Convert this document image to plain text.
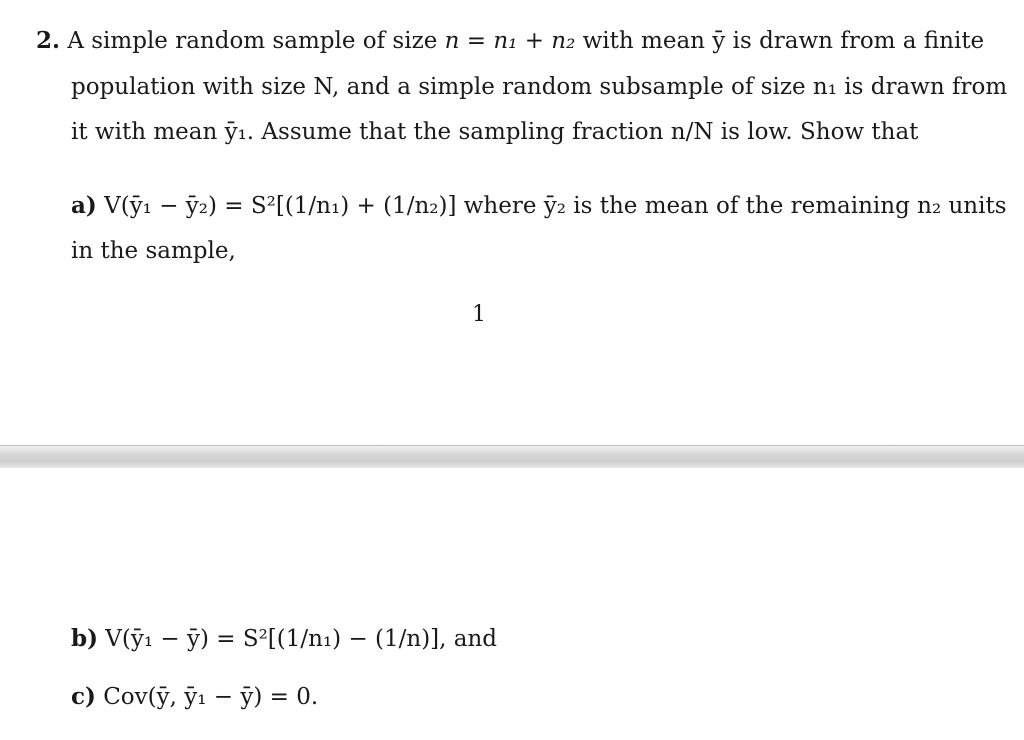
2. A simple random sample of size n = n₁ + n₂ with mean ȳ is drawn from a finite
population with size N, and a simple random subsample of size n₁ is drawn from
it with mean ȳ₁. Assume that the sampling fraction n/N is low. Show that
a) V(ȳ₁ − ȳ₂) = S²[(1/n₁) + (1/n₂)] where ȳ₂ is the mean of the remaining n₂ units
in the sample,
1
b) V(ȳ₁ − ȳ) = S²[(1/n₁) − (1/n)], and
c) Cov(ȳ, ȳ₁ − ȳ) = 0.
